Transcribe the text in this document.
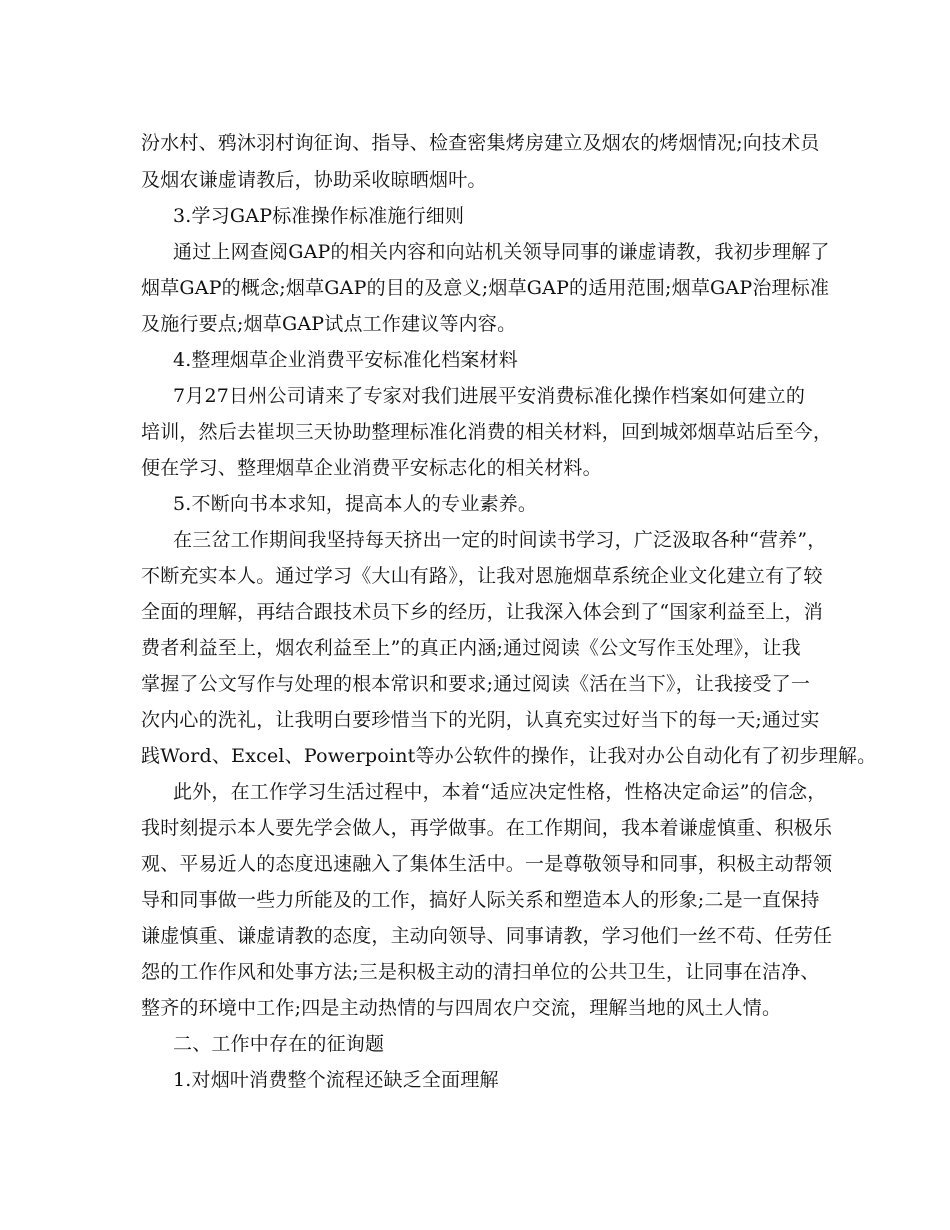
汾水村、鸦沐羽村询征询、指导、检查密集烤房建立及烟农的烤烟情况;向技术员
及烟农谦虚请教后，协助采收晾晒烟叶。
3.学习GAP标准操作标准施行细则
通过上网查阅GAP的相关内容和向站机关领导同事的谦虚请教，我初步理解了
烟草GAP的概念;烟草GAP的目的及意义;烟草GAP的适用范围;烟草GAP治理标准
及施行要点;烟草GAP试点工作建议等内容。
4.整理烟草企业消费平安标准化档案材料
7月27日州公司请来了专家对我们进展平安消费标准化操作档案如何建立的
培训，然后去崔坝三天协助整理标准化消费的相关材料，回到城郊烟草站后至今，
便在学习、整理烟草企业消费平安标志化的相关材料。
5.不断向书本求知，提高本人的专业素养。
在三岔工作期间我坚持每天挤出一定的时间读书学习，广泛汲取各种“营养”，
不断充实本人。通过学习《大山有路》，让我对恩施烟草系统企业文化建立有了较
全面的理解，再结合跟技术员下乡的经历，让我深入体会到了“国家利益至上，消
费者利益至上，烟农利益至上”的真正内涵;通过阅读《公文写作玉处理》，让我
掌握了公文写作与处理的根本常识和要求;通过阅读《活在当下》，让我接受了一
次内心的洗礼，让我明白要珍惜当下的光阴，认真充实过好当下的每一天;通过实
践Word、Excel、Powerpoint等办公软件的操作，让我对办公自动化有了初步理解。
此外，在工作学习生活过程中，本着“适应决定性格，性格决定命运”的信念，
我时刻提示本人要先学会做人，再学做事。在工作期间，我本着谦虚慎重、积极乐
观、平易近人的态度迅速融入了集体生活中。一是尊敬领导和同事，积极主动帮领
导和同事做一些力所能及的工作，搞好人际关系和塑造本人的形象;二是一直保持
谦虚慎重、谦虚请教的态度，主动向领导、同事请教，学习他们一丝不苟、任劳任
怨的工作作风和处事方法;三是积极主动的清扫单位的公共卫生，让同事在洁净、
整齐的环境中工作;四是主动热情的与四周农户交流，理解当地的风土人情。
二、工作中存在的征询题
1.对烟叶消费整个流程还缺乏全面理解
